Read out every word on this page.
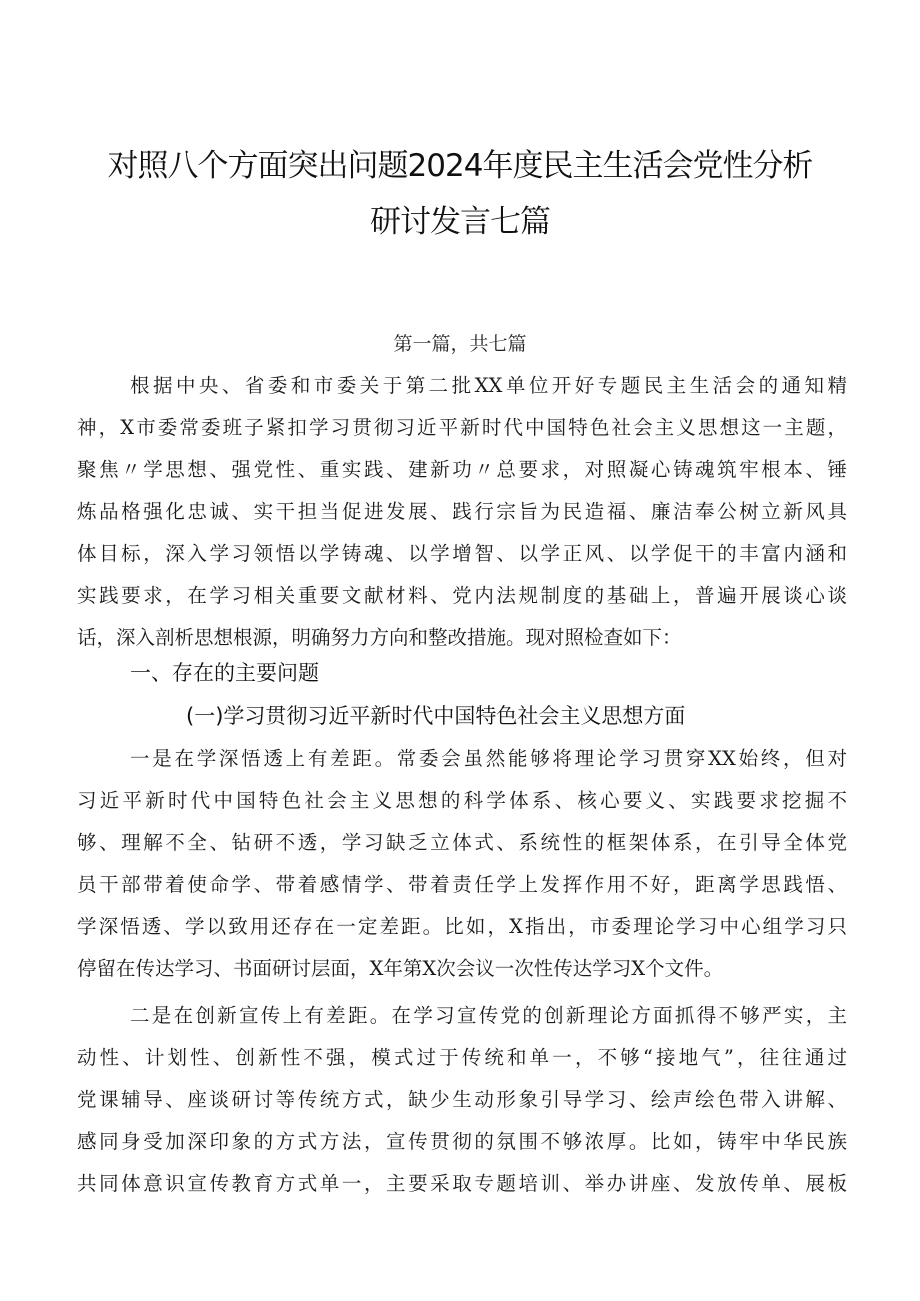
对照八个方面突出问题2024年度民主生活会党性分析
研讨发言七篇
第一篇，共七篇
根据中央、省委和市委关于第二批XX单位开好专题民主生活会的通知精
神，X市委常委班子紧扣学习贯彻习近平新时代中国特色社会主义思想这一主题，
聚焦〃学思想、强党性、重实践、建新功〃总要求，对照凝心铸魂筑牢根本、锤
炼品格强化忠诚、实干担当促进发展、践行宗旨为民造福、廉洁奉公树立新风具
体目标，深入学习领悟以学铸魂、以学增智、以学正风、以学促干的丰富内涵和
实践要求，在学习相关重要文献材料、党内法规制度的基础上，普遍开展谈心谈
话，深入剖析思想根源，明确努力方向和整改措施。现对照检查如下：
一、存在的主要问题
(一)学习贯彻习近平新时代中国特色社会主义思想方面
一是在学深悟透上有差距。常委会虽然能够将理论学习贯穿XX始终，但对
习近平新时代中国特色社会主义思想的科学体系、核心要义、实践要求挖掘不
够、理解不全、钻研不透，学习缺乏立体式、系统性的框架体系，在引导全体党
员干部带着使命学、带着感情学、带着责任学上发挥作用不好，距离学思践悟、
学深悟透、学以致用还存在一定差距。比如，X指出，市委理论学习中心组学习只
停留在传达学习、书面研讨层面，X年第X次会议一次性传达学习X个文件。
二是在创新宣传上有差距。在学习宣传党的创新理论方面抓得不够严实，主
动性、计划性、创新性不强，模式过于传统和单一，不够“接地气”，往往通过
党课辅导、座谈研讨等传统方式，缺少生动形象引导学习、绘声绘色带入讲解、
感同身受加深印象的方式方法，宣传贯彻的氛围不够浓厚。比如，铸牢中华民族
共同体意识宣传教育方式单一，主要采取专题培训、举办讲座、发放传单、展板
